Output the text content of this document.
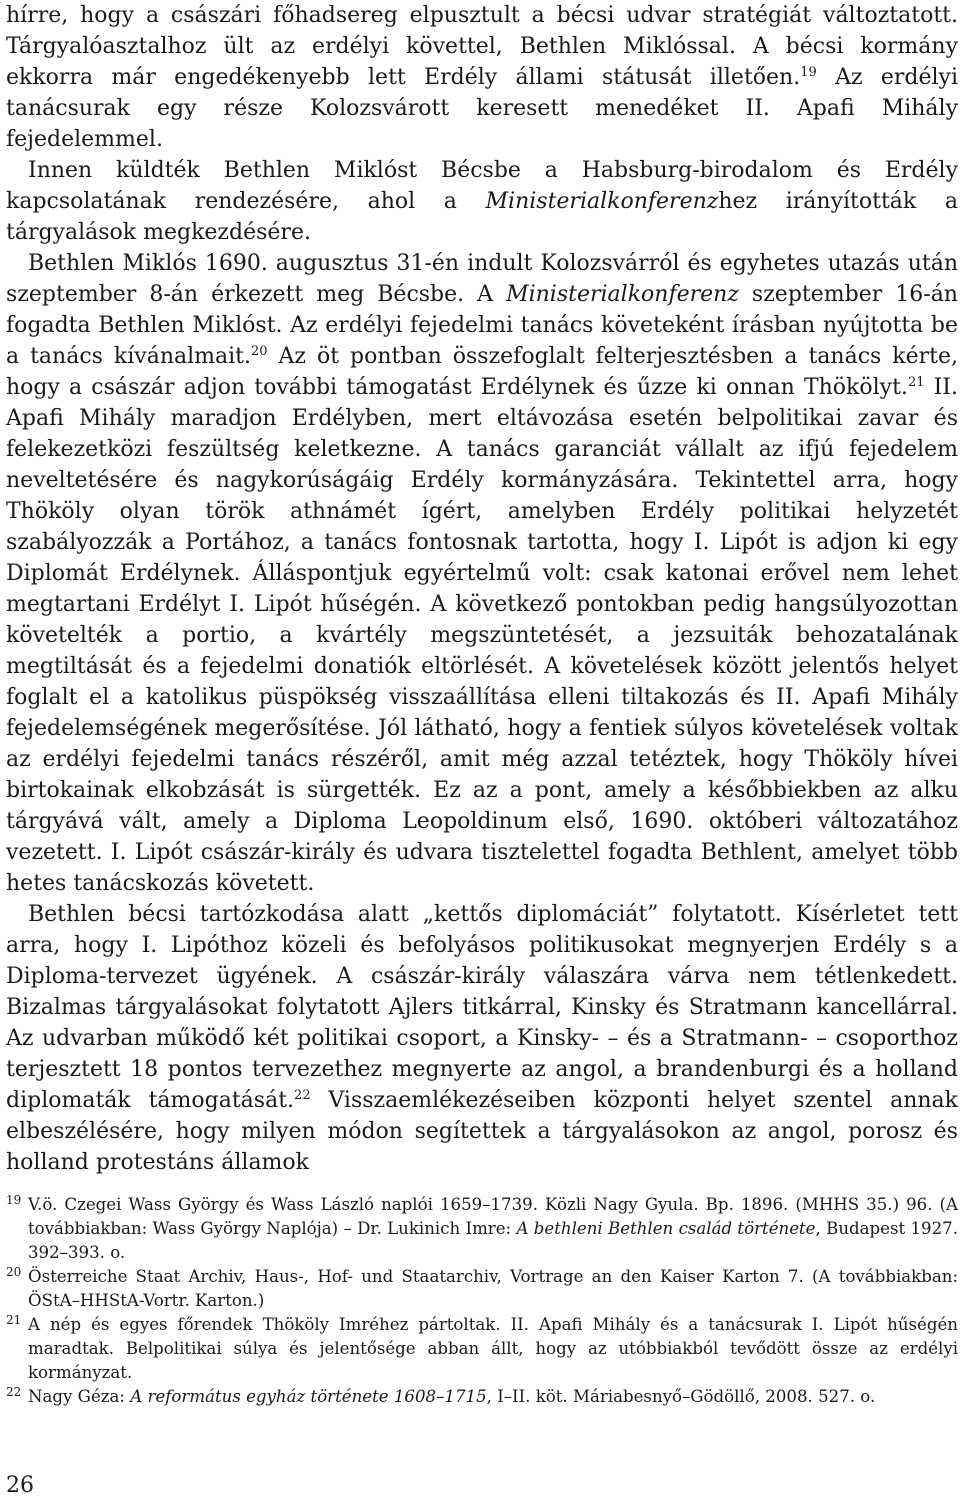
hírre, hogy a császári főhadsereg elpusztult a bécsi udvar stratégiát változtatott. Tárgyalóasztalhoz ült az erdélyi követtel, Bethlen Miklóssal. A bécsi kormány ekkorra már engedékenyebb lett Erdély állami státusát illetően.$^{19}$ Az erdélyi tanácsurak egy része Kolozsvárott keresett menedéket II. Apafi Mihály fejedelemmel.

Innen küldték Bethlen Miklóst Bécsbe a Habsburg-birodalom és Erdély kapcsolatának rendezésére, ahol a Ministerialkonferenzhez irányították a tárgyalások megkezdésére.

Bethlen Miklós 1690. augusztus 31-én indult Kolozsvárról és egyhetes utazás után szeptember 8-án érkezett meg Bécsbe. A Ministerialkonferenz szeptember 16-án fogadta Bethlen Miklóst. Az erdélyi fejedelmi tanács követeként írásban nyújtotta be a tanács kívánalmait.$^{20}$ Az öt pontban összefoglalt felterjesztésben a tanács kérte, hogy a császár adjon további támogatást Erdélynek és űzze ki onnan Thökölyt.$^{21}$ II. Apafi Mihály maradjon Erdélyben, mert eltávozása esetén belpolitikai zavar és felekezetközi feszültség keletkezne. A tanács garanciát vállalt az ifjú fejedelem neveltetésére és nagykorúságáig Erdély kormányzására. Tekintettel arra, hogy Thököly olyan török athnámét ígért, amelyben Erdély politikai helyzetét szabályozzák a Portához, a tanács fontosnak tartotta, hogy I. Lipót is adjon ki egy Diplomát Erdélynek. Álláspontjuk egyértelmű volt: csak katonai erővel nem lehet megtartani Erdélyt I. Lipót hűségén. A következő pontokban pedig hangsúlyozottan követelték a portio, a kvártély megszüntetését, a jezsuiták behozatalának megtiltását és a fejedelmi donatiók eltörlését. A követelések között jelentős helyet foglalt el a katolikus püspökség visszaállítása elleni tiltakozás és II. Apafi Mihály fejedelemségének megerősítése. Jól látható, hogy a fentiek súlyos követelések voltak az erdélyi fejedelmi tanács részéről, amit még azzal tetéztek, hogy Thököly hívei birtokainak elkobzását is sürgették. Ez az a pont, amely a későbbiekben az alku tárgyává vált, amely a Diploma Leopoldinum első, 1690. októberi változatához vezetett. I. Lipót császár-király és udvara tisztelettel fogadta Bethlent, amelyet több hetes tanácskozás követett.

Bethlen bécsi tartózkodása alatt „kettős diplomáciát” folytatott. Kísérletet tett arra, hogy I. Lipóthoz közeli és befolyásos politikusokat megnyerjen Erdély s a Diploma-tervezet ügyének. A császár-király válaszára várva nem tétlenkedett. Bizalmas tárgyalásokat folytatott Ajlers titkárral, Kinsky és Stratmann kancellárral. Az udvarban működő két politikai csoport, a Kinsky- – és a Stratmann- – csoporthoz terjesztett 18 pontos tervezethez megnyerte az angol, a brandenburgi és a holland diplomaták támogatását.$^{22}$ Visszaemlékezéseiben központi helyet szentel annak elbeszélésére, hogy milyen módon segítettek a tárgyalásokon az angol, porosz és holland protestáns államok

19 V.ö. Czegei Wass György és Wass László naplói 1659–1739. Közli Nagy Gyula. Bp. 1896. (MHHS 35.) 96. (A továbbiakban: Wass György Naplója) – Dr. Lukinich Imre: A bethleni Bethlen család története, Budapest 1927. 392–393. o.

20 Österreiche Staat Archiv, Haus-, Hof- und Staatarchiv, Vortrage an den Kaiser Karton 7. (A továbbiakban: ÖStA–HHStA-Vortr. Karton.)

21 A nép és egyes főrendek Thököly Imréhez pártoltak. II. Apafi Mihály és a tanácsurak I. Lipót hűségén maradtak. Belpolitikai súlya és jelentősége abban állt, hogy az utóbbiakból tevődött össze az erdélyi kormányzat.

22 Nagy Géza: A református egyház története 1608–1715, I–II. köt. Máriabesnyő–Gödöllő, 2008. 527. o.

26
